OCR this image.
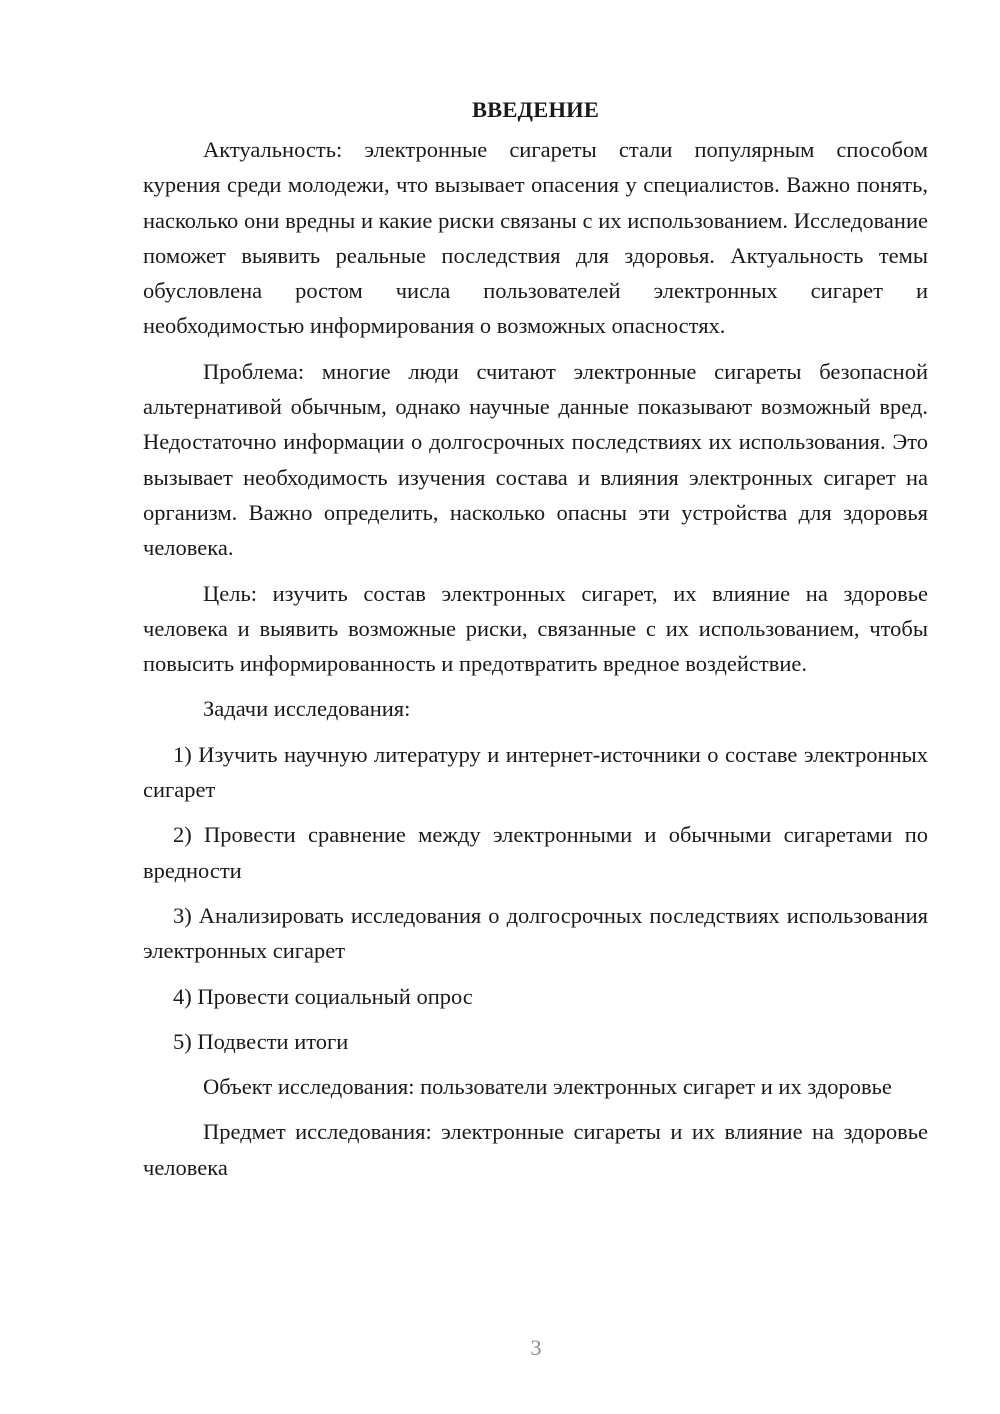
ВВЕДЕНИЕ

Актуальность: электронные сигареты стали популярным способом курения среди молодежи, что вызывает опасения у специалистов. Важно понять, насколько они вредны и какие риски связаны с их использованием. Исследование поможет выявить реальные последствия для здоровья. Актуальность темы обусловлена ростом числа пользователей электронных сигарет и необходимостью информирования о возможных опасностях.

Проблема: многие люди считают электронные сигареты безопасной альтернативой обычным, однако научные данные показывают возможный вред. Недостаточно информации о долгосрочных последствиях их использования. Это вызывает необходимость изучения состава и влияния электронных сигарет на организм. Важно определить, насколько опасны эти устройства для здоровья человека.

Цель: изучить состав электронных сигарет, их влияние на здоровье человека и выявить возможные риски, связанные с их использованием, чтобы повысить информированность и предотвратить вредное воздействие.

Задачи исследования:

1) Изучить научную литературу и интернет-источники о составе электронных сигарет

2) Провести сравнение между электронными и обычными сигаретами по вредности

3) Анализировать исследования о долгосрочных последствиях использования электронных сигарет

4) Провести социальный опрос

5) Подвести итоги

Объект исследования: пользователи электронных сигарет и их здоровье

Предмет исследования: электронные сигареты и их влияние на здоровье человека

3
